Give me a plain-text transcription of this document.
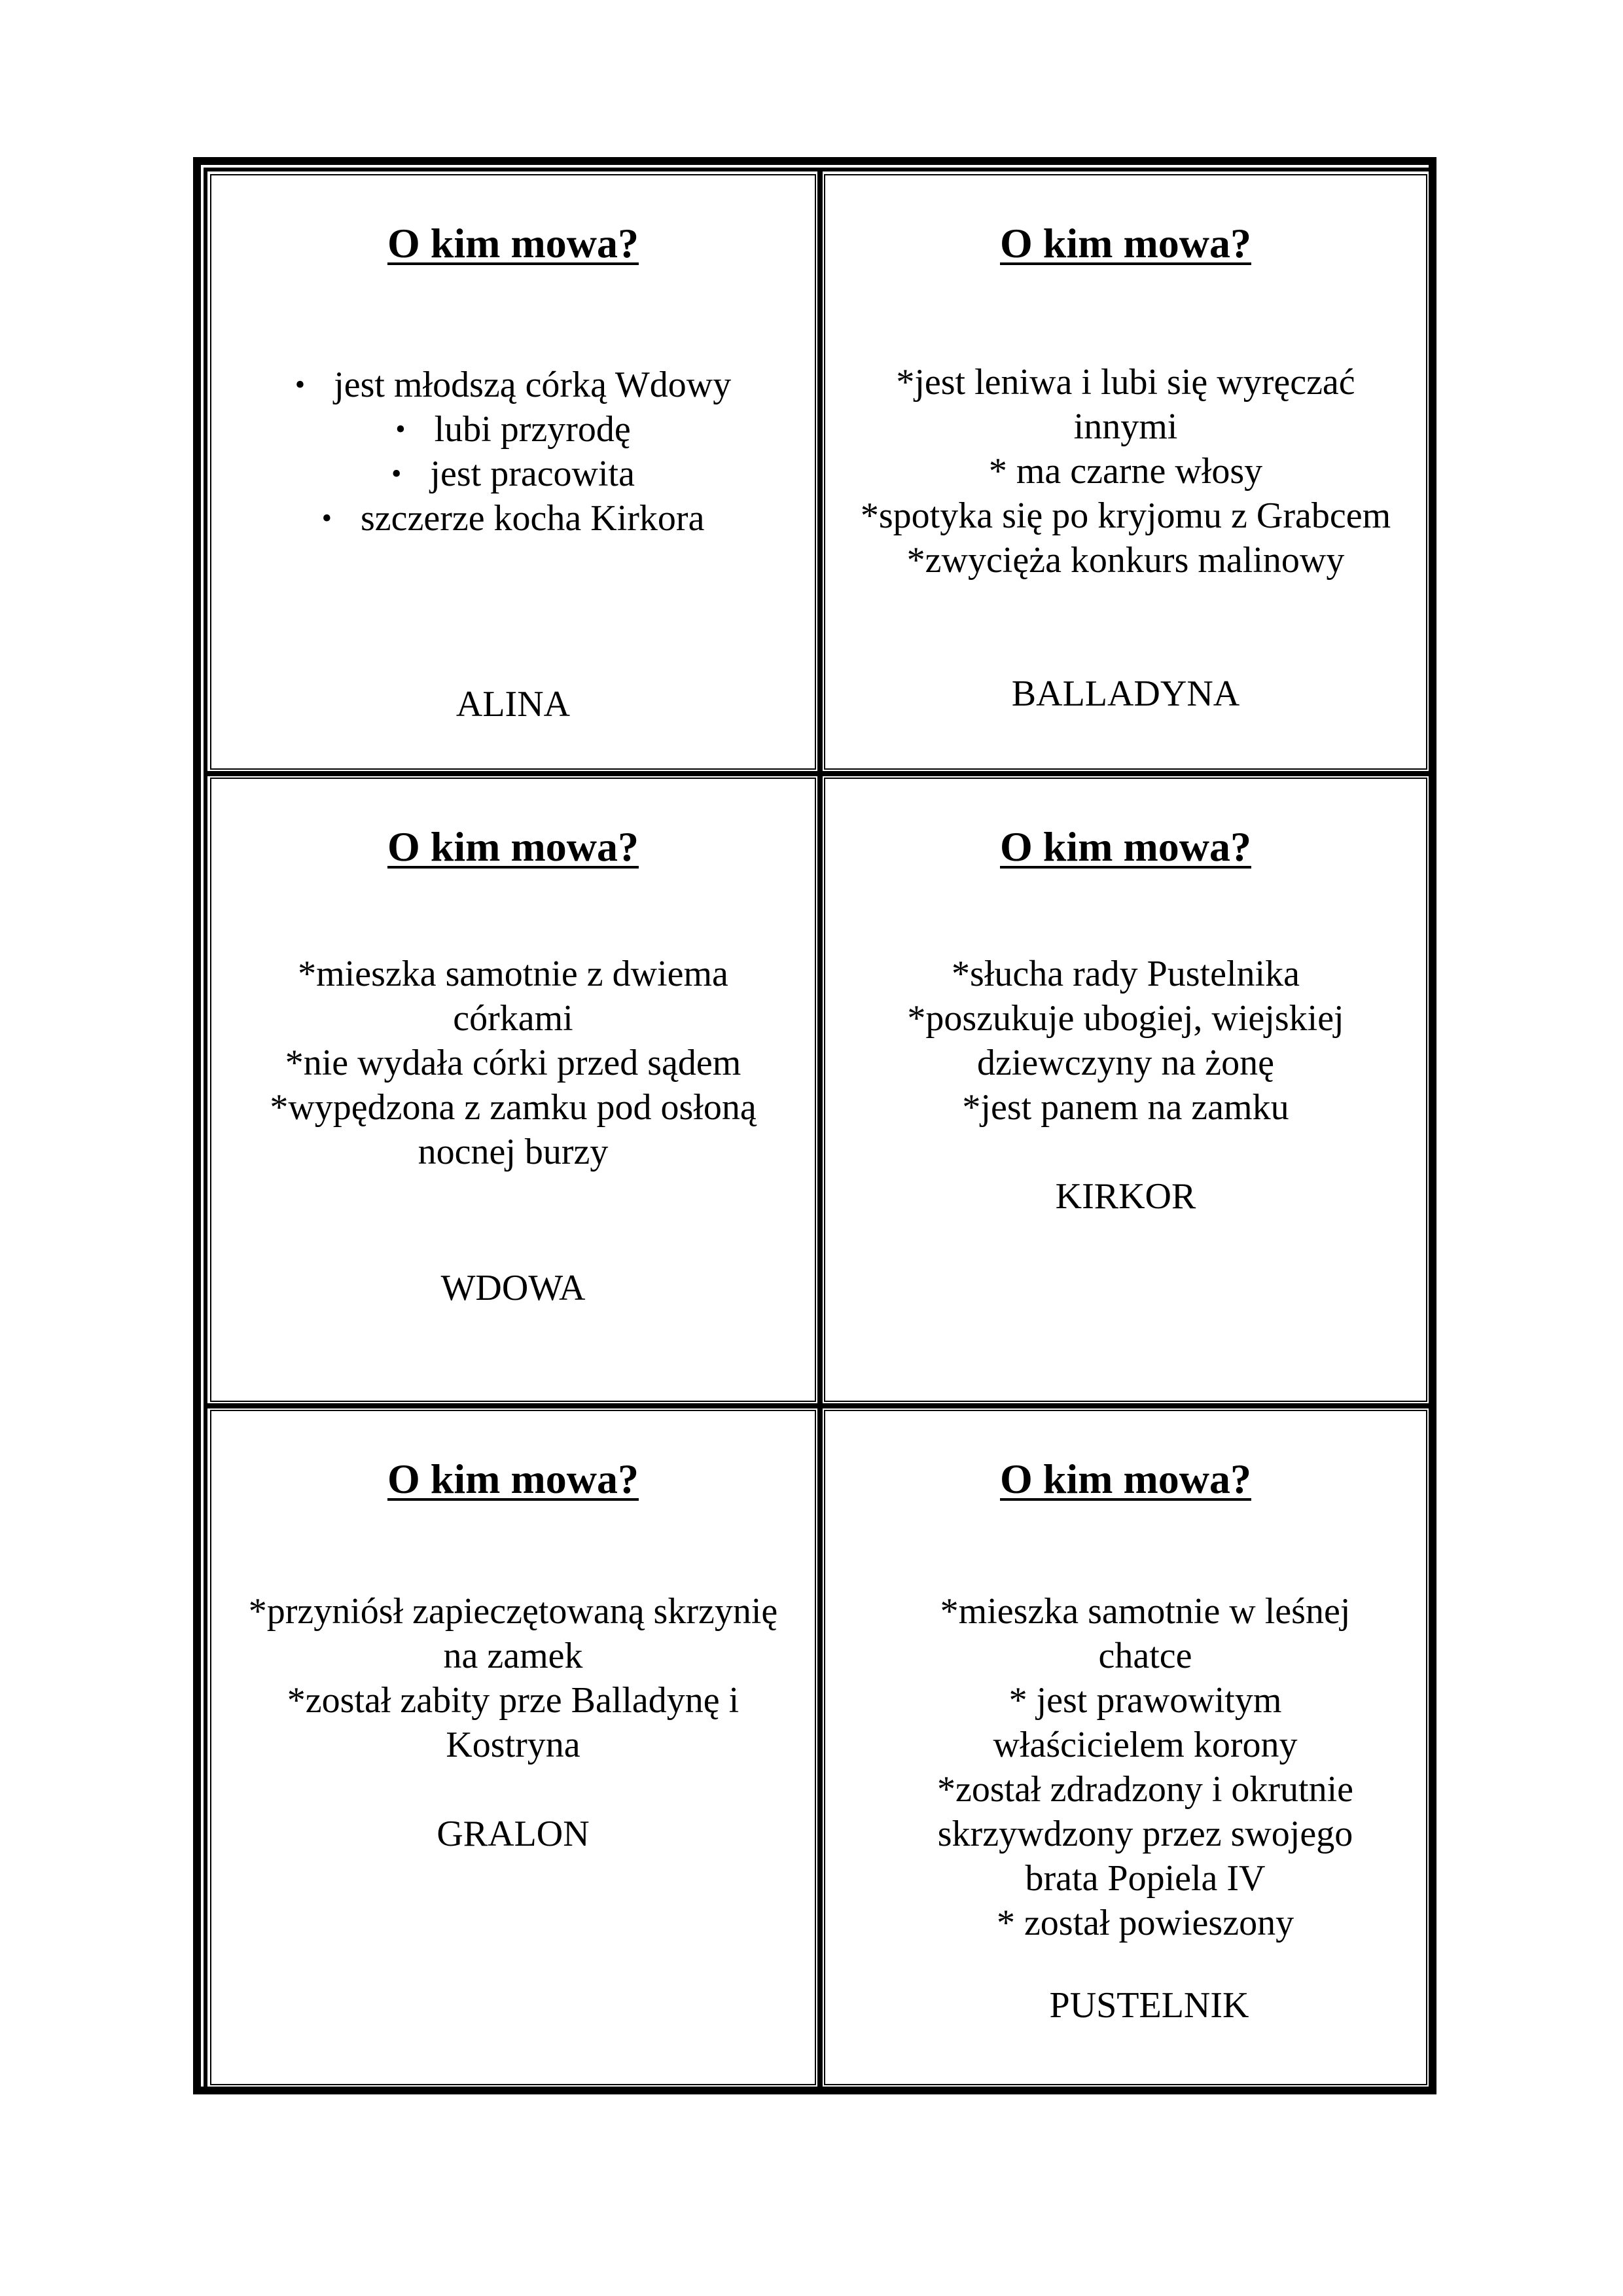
O kim mowa?
• jest młodszą córką Wdowy
• lubi przyrodę
• jest pracowita
• szczerze kocha Kirkora
ALINA
O kim mowa?
*jest leniwa i lubi się wyręczać
innymi
* ma czarne włosy
*spotyka się po kryjomu z Grabcem
*zwycięża konkurs malinowy
BALLADYNA
O kim mowa?
*mieszka samotnie z dwiema
córkami
*nie wydała córki przed sądem
*wypędzona z zamku pod osłoną
nocnej burzy
WDOWA
O kim mowa?
*słucha rady Pustelnika
*poszukuje ubogiej, wiejskiej
dziewczyny na żonę
*jest panem na zamku
KIRKOR
O kim mowa?
*przyniósł zapieczętowaną skrzynię
na zamek
*został zabity prze Balladynę i
Kostryna
GRALON
O kim mowa?
*mieszka samotnie w leśnej
chatce
* jest prawowitym
właścicielem korony
*został zdradzony i okrutnie
skrzywdzony przez swojego
brata Popiela IV
* został powieszony
PUSTELNIK
